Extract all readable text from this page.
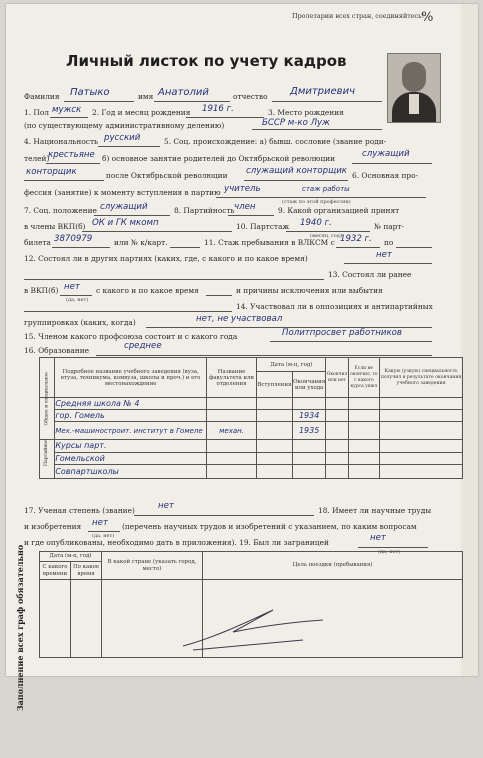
Пролетарии всех стран, соединяйтесь!
%
Личный листок по учету кадров
Заполнение всех граф обязательно
Фамилия Патыко	имя Анатолий	отчество Дмитриевич
1. Пол мужск 2. Год и месяц рождения 1916 г.	3. Место рождения
БССР м-ко Луж
(по существующему административному делению)
4. Национальность русский	5. Соц. происхождение: а) бывш. сословие (звание роди-
телей)
крестьяне б) основное занятие родителей до Октябрьской революции	служащий
конторщик	после Октябрьской революции служащий конторщик 6. Основная про-
фессия (занятие) к моменту вступления в партию учитель	стаж работы
(стаж по этой профессии)
7. Соц. положение служащий	8. Партийность член	9. Какой организацией принят
в члены ВКП(б) ОК и ГК мкомп	10. Партстаж 1940 г.
(месяц, год)
№ парт-
билета 3870979	или № к/карт.	11. Стаж пребывания в ВЛКСМ с 1932 г. по
12. Состоял ли в других партиях (каких, где, с какого и по какое время)	нет
13. Состоял ли ранее
в ВКП(б) нет
(да, нет)
с какого и по какое время	и причины исключения или выбытия
14. Участвовал ли в оппозициях и антипартийных
группировках (каких, когда)	нет, не участвовал
15. Членом какого профсоюза состоит и с какого года	Политпросвет работников
16. Образование	среднее
	Подробное название учебного заведения (вуза, втуза, техникума, комвуза, школы и проч.) и его местонахождение	Название факультета или отделения	Дата (м-ц, год)		Окончил или нет	Если не окончил, то с какого курса ушел	Какую (узкую) специальность получил в результате окончания учебного заведения
			Вступления	Окончания или ухода			

Общее и специальное	Средняя школа № 4						
	гор. Гомель			1934			
	Мех.-машиностроит. институт в Гомеле	механ.		1935			

Партийное	Курсы парт.						
	Гомельской						
	Совпартшколы						
17. Ученая степень (звание)	нет	18. Имеет ли научные труды
и изобретения нет
(да, нет)
(перечень научных трудов и изобретений с указанием, по каким вопросам
и где опубликованы, необходимо дать в приложения). 19. Был ли заграницей	нет
(да, нет)
Дата (м-ц, год)		В какой стране (указать город, место)	Цель поездки (пребывания)
С какого времени	По какое время		
